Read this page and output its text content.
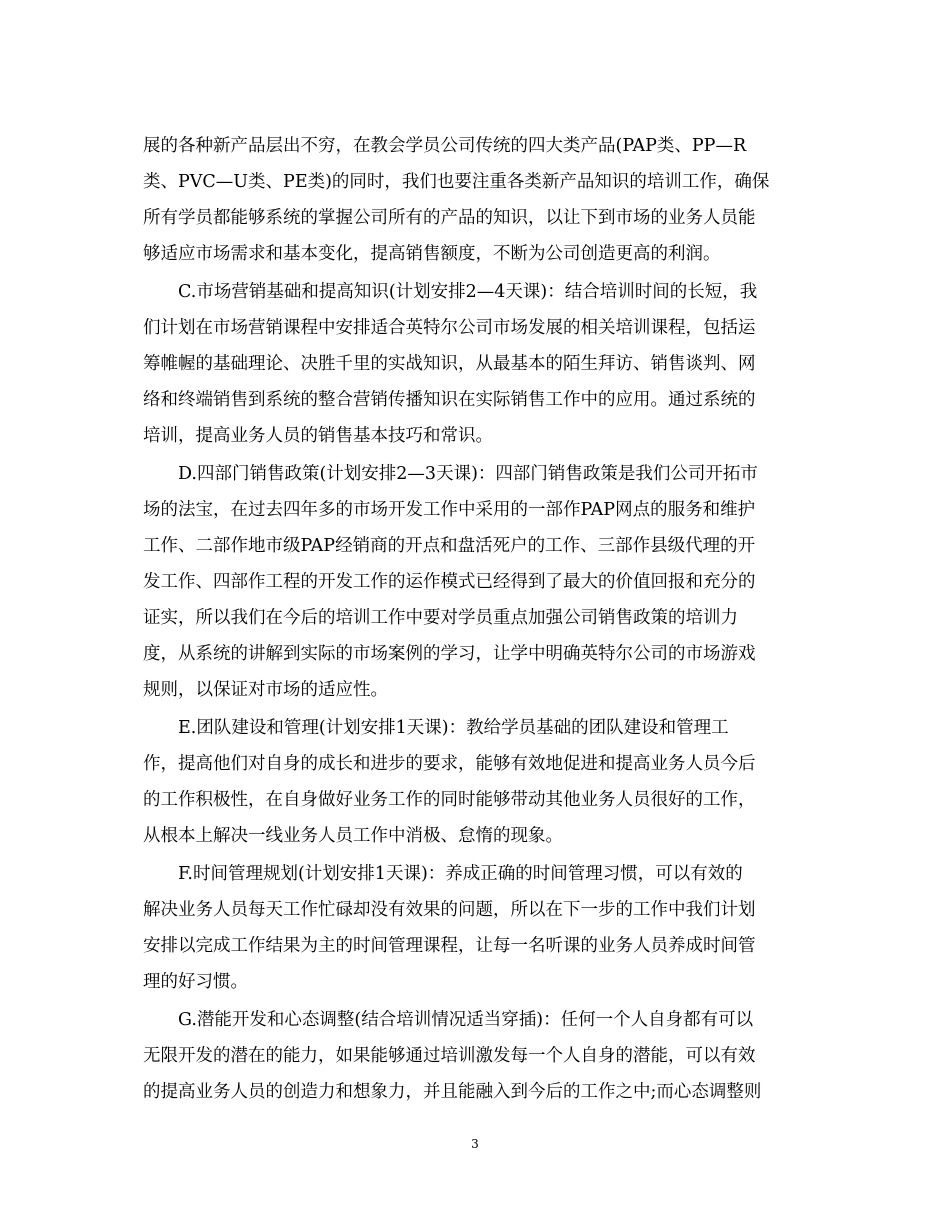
展的各种新产品层出不穷，在教会学员公司传统的四大类产品(PAP类、PP—R
类、PVC—U类、PE类)的同时，我们也要注重各类新产品知识的培训工作，确保
所有学员都能够系统的掌握公司所有的产品的知识，以让下到市场的业务人员能
够适应市场需求和基本变化，提高销售额度，不断为公司创造更高的利润。
　　C.市场营销基础和提高知识(计划安排2—4天课)：结合培训时间的长短，我
们计划在市场营销课程中安排适合英特尔公司市场发展的相关培训课程，包括运
筹帷幄的基础理论、决胜千里的实战知识，从最基本的陌生拜访、销售谈判、网
络和终端销售到系统的整合营销传播知识在实际销售工作中的应用。通过系统的
培训，提高业务人员的销售基本技巧和常识。
　　D.四部门销售政策(计划安排2—3天课)：四部门销售政策是我们公司开拓市
场的法宝，在过去四年多的市场开发工作中采用的一部作PAP网点的服务和维护
工作、二部作地市级PAP经销商的开点和盘活死户的工作、三部作县级代理的开
发工作、四部作工程的开发工作的运作模式已经得到了最大的价值回报和充分的
证实，所以我们在今后的培训工作中要对学员重点加强公司销售政策的培训力
度，从系统的讲解到实际的市场案例的学习，让学中明确英特尔公司的市场游戏
规则，以保证对市场的适应性。
　　E.团队建设和管理(计划安排1天课)：教给学员基础的团队建设和管理工
作，提高他们对自身的成长和进步的要求，能够有效地促进和提高业务人员今后
的工作积极性，在自身做好业务工作的同时能够带动其他业务人员很好的工作，
从根本上解决一线业务人员工作中消极、怠惰的现象。
　　F.时间管理规划(计划安排1天课)：养成正确的时间管理习惯，可以有效的
解决业务人员每天工作忙碌却没有效果的问题，所以在下一步的工作中我们计划
安排以完成工作结果为主的时间管理课程，让每一名听课的业务人员养成时间管
理的好习惯。
　　G.潜能开发和心态调整(结合培训情况适当穿插)：任何一个人自身都有可以
无限开发的潜在的能力，如果能够通过培训激发每一个人自身的潜能，可以有效
的提高业务人员的创造力和想象力，并且能融入到今后的工作之中;而心态调整则
3
